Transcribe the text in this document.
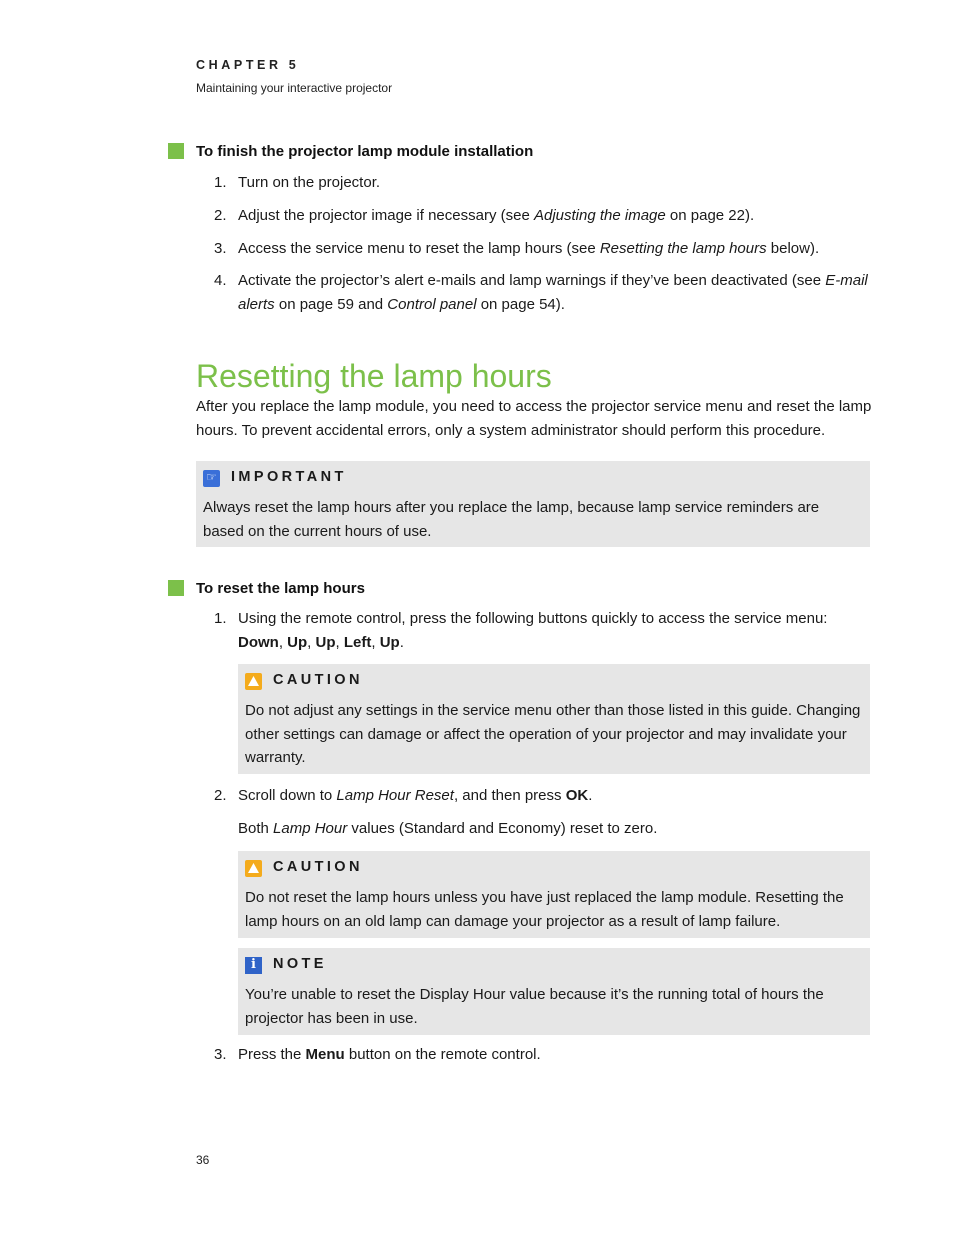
CHAPTER 5
Maintaining your interactive projector
To finish the projector lamp module installation
1. Turn on the projector.
2. Adjust the projector image if necessary (see Adjusting the image on page 22).
3. Access the service menu to reset the lamp hours (see Resetting the lamp hours below).
4. Activate the projector’s alert e-mails and lamp warnings if they’ve been deactivated (see E-mail alerts on page 59 and Control panel on page 54).
Resetting the lamp hours

After you replace the lamp module, you need to access the projector service menu and reset the lamp hours. To prevent accidental errors, only a system administrator should perform this procedure.

☞ IMPORTANT
Always reset the lamp hours after you replace the lamp, because lamp service reminders are based on the current hours of use.
To reset the lamp hours
1. Using the remote control, press the following buttons quickly to access the service menu:
Down, Up, Up, Left, Up.

CAUTION
Do not adjust any settings in the service menu other than those listed in this guide. Changing other settings can damage or affect the operation of your projector and may invalidate your warranty.
2. Scroll down to Lamp Hour Reset, and then press OK.

Both Lamp Hour values (Standard and Economy) reset to zero.

CAUTION
Do not reset the lamp hours unless you have just replaced the lamp module. Resetting the lamp hours on an old lamp can damage your projector as a result of lamp failure.
i	NOTE
You’re unable to reset the Display Hour value because it’s the running total of hours the projector has been in use.
3. Press the Menu button on the remote control.
36
